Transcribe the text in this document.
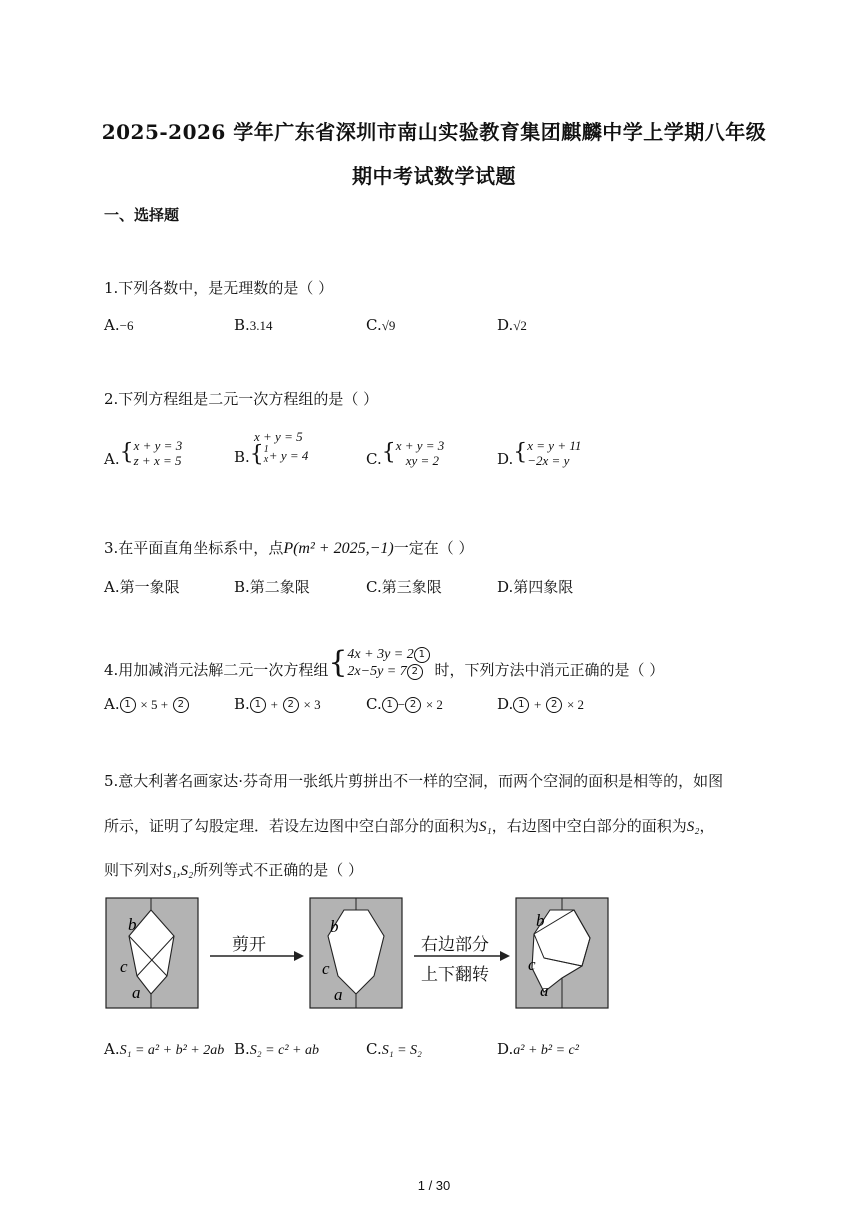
2025-2026 学年广东省深圳市南山实验教育集团麒麟中学上学期八年级
期中考试数学试题
一、选择题
1.下列各数中，是无理数的是（ ）
A.−6	B.3.14	C.√9	D.√2
2.下列方程组是二元一次方程组的是（ ）
A.{x + y = 3
z + x = 5
x + y = 5
B.{1
x+ y = 4	C.{x + y = 3
xy = 2	D.{x = y + 11
−2x = y
3.在平面直角坐标系中，点P(m² + 2025,−1)一定在（ ）
A.第一象限	B.第二象限	C.第三象限	D.第四象限
4.用加减消元法解二元一次方程组{4x + 3y = 2 1
2x−5y = 7 2 时，下列方法中消元正确的是（ ）
A. 1 × 5 + 2	B. 1 + 2 × 3	C. 1 − 2 × 2	D. 1 + 2 × 2
5.意大利著名画家达·芬奇用一张纸片剪拼出不一样的空洞，而两个空洞的面积是相等的，如图
所示，证明了勾股定理．若设左边图中空白部分的面积为S₁，右边图中空白部分的面积为S₂，
则下列对S₁,S₂所列等式不正确的是（ ）
b
c
a
b
c
a
b
c
a
剪开	右边部分
上下翻转
A.S₁ = a² + b² + 2ab B.S₂ = c² + ab	C.S₁ = S₂	D.a² + b² = c²
1 / 30
